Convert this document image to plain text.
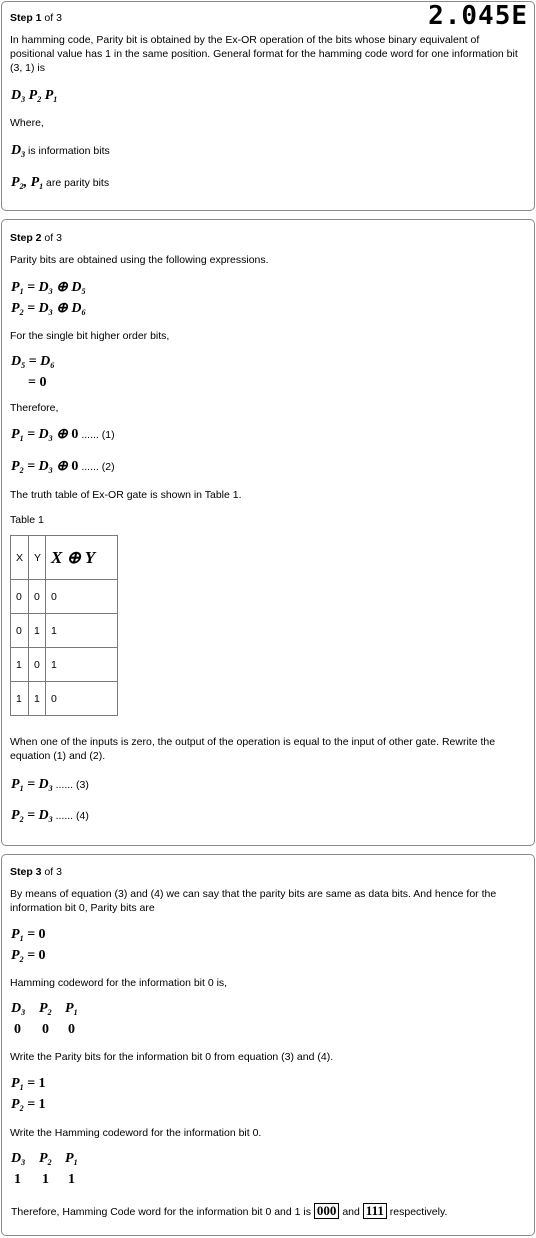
Step 1 of 3	2.045E
In hamming code, Parity bit is obtained by the Ex-OR operation of the bits whose binary equivalent of positional value has 1 in the same position. General format for the hamming code word for one information bit (3, 1) is
$D_3$ $P_2$ $P_1$
Where,
$D_3$ is information bits
$P_2$, $P_1$ are parity bits
Step 2 of 3
Parity bits are obtained using the following expressions.
$P_1 = D_3$ ⊕ $D_5$
$P_2 = D_3$ ⊕ $D_6$
For the single bit higher order bits,
$D_5 = D_6$
= 0
Therefore,
$P_1 = D_3$ ⊕ 0 ...... (1)
$P_2 = D_3$ ⊕ 0 ...... (2)
The truth table of Ex-OR gate is shown in Table 1.
Table 1
X	Y	X ⊕ Y
0	0	0
0	1	1
1	0	1
1	1	0
When one of the inputs is zero, the output of the operation is equal to the input of other gate. Rewrite the equation (1) and (2).
$P_1 = D_3$ ...... (3)
$P_2 = D_3$ ...... (4)
Step 3 of 3
By means of equation (3) and (4) we can say that the parity bits are same as data bits. And hence for the information bit 0, Parity bits are
$P_1 = 0$
$P_2 = 0$
Hamming codeword for the information bit 0 is,
$D_3$ $P_2$ $P_1$
0 0 0
Write the Parity bits for the information bit 0 from equation (3) and (4).
$P_1 = 1$
$P_2 = 1$
Write the Hamming codeword for the information bit 0.
$D_3$ $P_2$ $P_1$
1 1 1
Therefore, Hamming Code word for the information bit 0 and 1 is 000 and 111 respectively.
